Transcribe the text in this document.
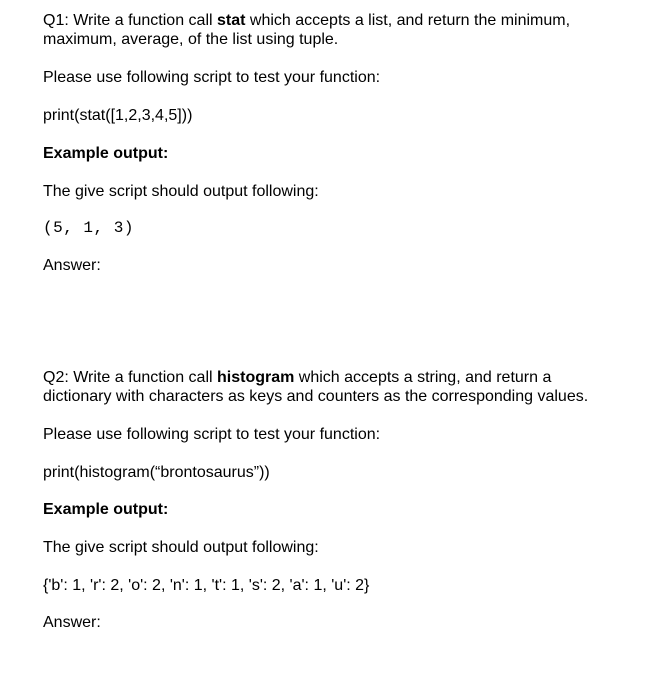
Q1: Write a function call stat which accepts a list, and return the minimum,

maximum, average, of the list using tuple.

Please use following script to test your function:

print(stat([1,2,3,4,5]))

Example output:

The give script should output following:

(5, 1, 3)

Answer:

Q2: Write a function call histogram which accepts a string, and return a

dictionary with characters as keys and counters as the corresponding values.

Please use following script to test your function:

print(histogram(“brontosaurus”))

Example output:

The give script should output following:

{'b': 1, 'r': 2, 'o': 2, 'n': 1, 't': 1, 's': 2, 'a': 1, 'u': 2}

Answer:
